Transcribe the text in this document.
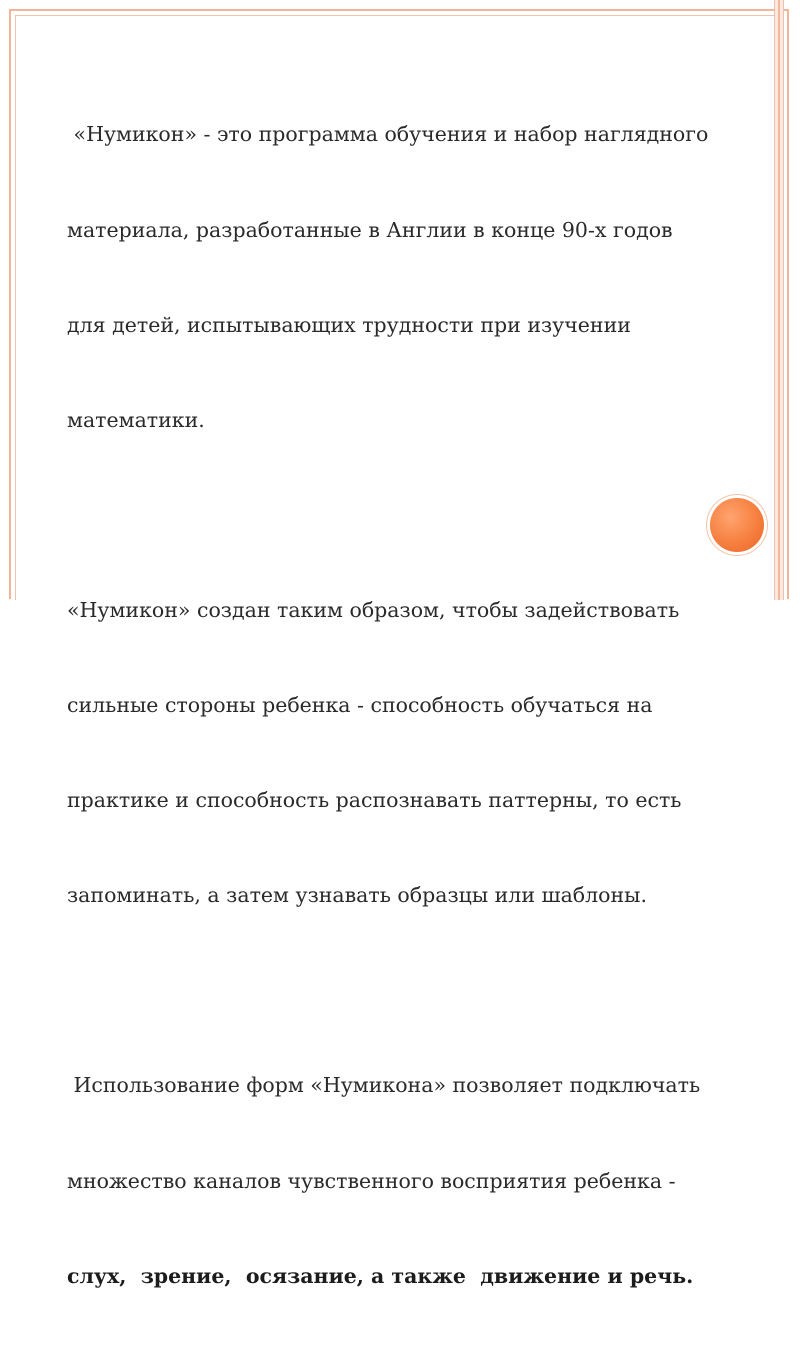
«Нумикон» - это программа обучения и набор наглядного

материала, разработанные в Англии в конце 90-х годов

для детей, испытывающих трудности при изучении

математики.

«Нумикон» создан таким образом, чтобы задействовать

сильные стороны ребенка - способность обучаться на

практике и способность распознавать паттерны, то есть

запоминать, а затем узнавать образцы или шаблоны.

Использование форм «Нумикона» позволяет подключать

множество каналов чувственного восприятия ребенка -

слух,  зрение,  осязание, а также  движение и речь.
